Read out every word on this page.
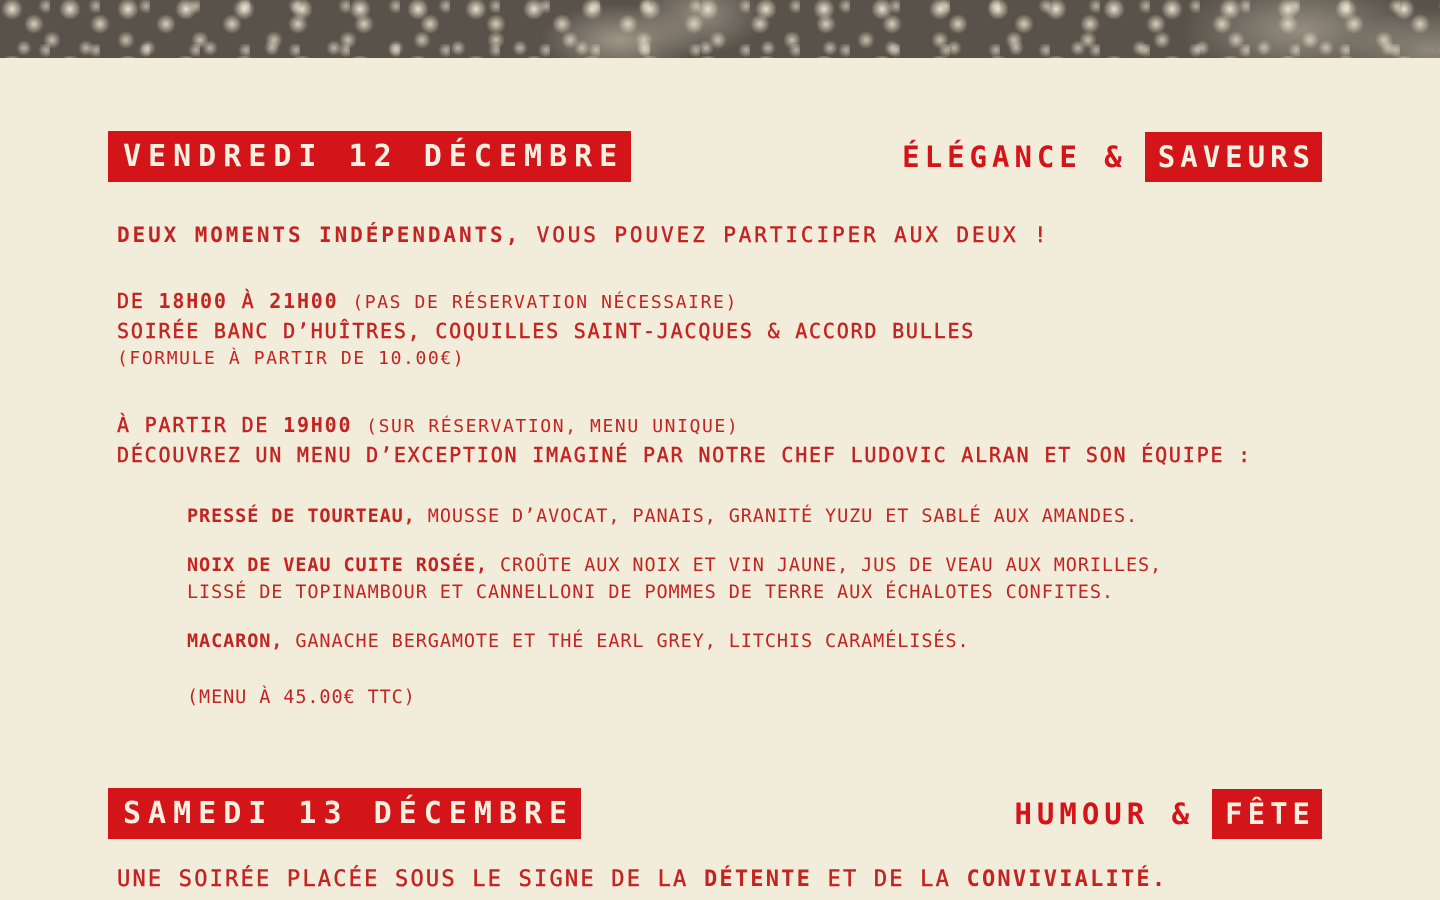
VENDREDI 12 DÉCEMBRE	ÉLÉGANCE &	SAVEURS

DEUX MOMENTS INDÉPENDANTS, VOUS POUVEZ PARTICIPER AUX DEUX !

DE 18H00 À 21H00 (PAS DE RÉSERVATION NÉCESSAIRE)

SOIRÉE BANC D’HUÎTRES, COQUILLES SAINT-JACQUES & ACCORD BULLES

(FORMULE À PARTIR DE 10.00€)

À PARTIR DE 19H00 (SUR RÉSERVATION, MENU UNIQUE)

DÉCOUVREZ UN MENU D’EXCEPTION IMAGINÉ PAR NOTRE CHEF LUDOVIC ALRAN ET SON ÉQUIPE :

PRESSÉ DE TOURTEAU, MOUSSE D’AVOCAT, PANAIS, GRANITÉ YUZU ET SABLÉ AUX AMANDES.

NOIX DE VEAU CUITE ROSÉE, CROÛTE AUX NOIX ET VIN JAUNE, JUS DE VEAU AUX MORILLES, LISSÉ DE TOPINAMBOUR ET CANNELLONI DE POMMES DE TERRE AUX ÉCHALOTES CONFITES.

MACARON, GANACHE BERGAMOTE ET THÉ EARL GREY, LITCHIS CARAMÉLISÉS.

(MENU À 45.00€ TTC)

SAMEDI 13 DÉCEMBRE	HUMOUR &	FÊTE

UNE SOIRÉE PLACÉE SOUS LE SIGNE DE LA DÉTENTE ET DE LA CONVIVIALITÉ.
